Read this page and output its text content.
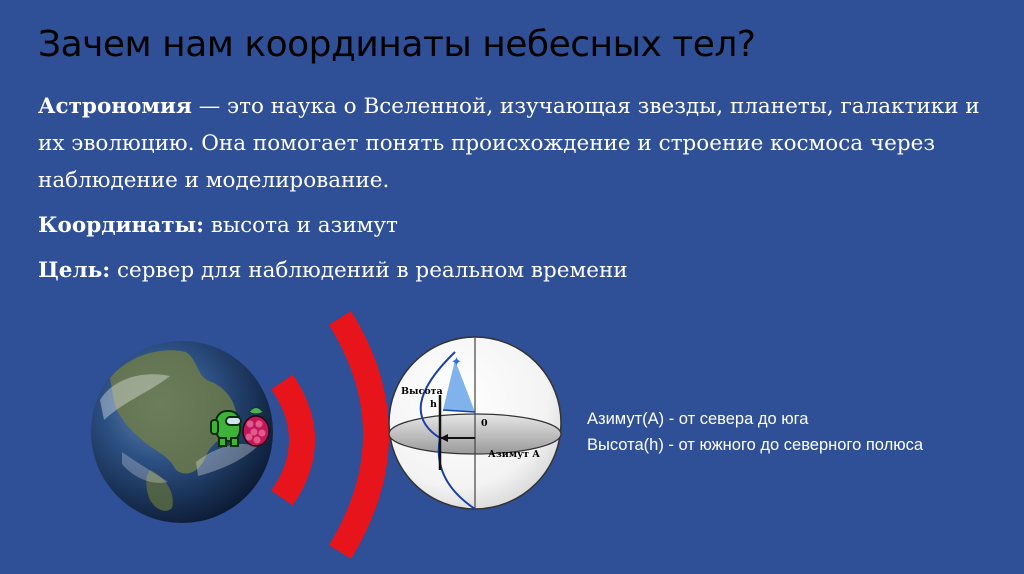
Зачем нам координаты небесных тел?

Астрономия — это наука о Вселенной, изучающая звезды, планеты, галактики и их эволюцию. Она помогает понять происхождение и строение космоса через наблюдение и моделирование.

Координаты: высота и азимут

Цель: сервер для наблюдений в реальном времени

✦
Высота
h
0
Азимут A
Азимут(A) - от севера до юга
Высота(h) - от южного до северного полюса
